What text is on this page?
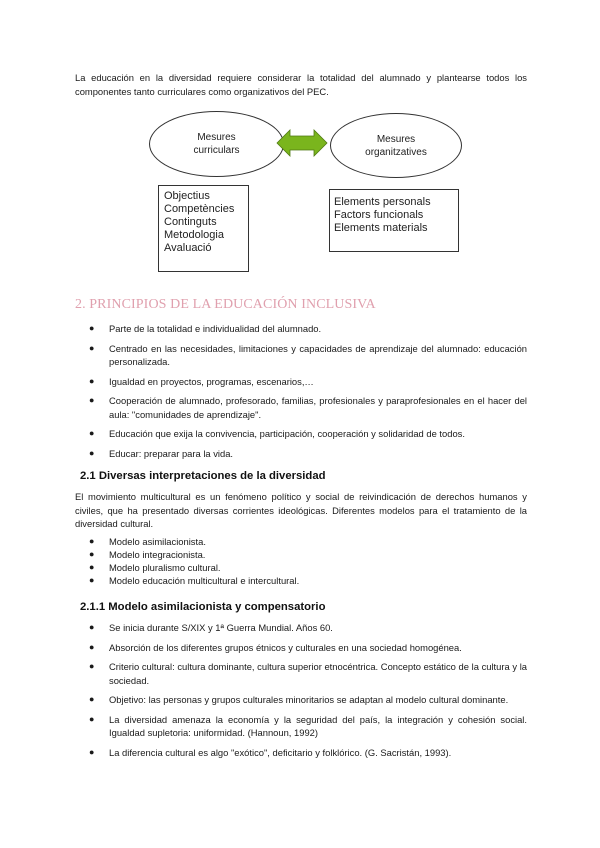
La educación en la diversidad requiere considerar la totalidad del alumnado y plantearse todos los componentes tanto curriculares como organizativos del PEC.
Mesures
curriculars
Mesures
organitzatives
Objectius
Competències
Continguts
Metodologia
Avaluació
Elements personals
Factors funcionals
Elements materials
2. PRINCIPIOS DE LA EDUCACIÓN INCLUSIVA
● Parte de la totalidad e individualidad del alumnado.
● Centrado en las necesidades, limitaciones y capacidades de aprendizaje del alumnado: educación personalizada.
● Igualdad en proyectos, programas, escenarios,…
● Cooperación de alumnado, profesorado, familias, profesionales y paraprofesionales en el hacer del aula: "comunidades de aprendizaje".
● Educación que exija la convivencia, participación, cooperación y solidaridad de todos.
● Educar: preparar para la vida.
2.1 Diversas interpretaciones de la diversidad
El movimiento multicultural es un fenómeno político y social de reivindicación de derechos humanos y civiles, que ha presentado diversas corrientes ideológicas. Diferentes modelos para el tratamiento de la diversidad cultural.
● Modelo asimilacionista.
● Modelo integracionista.
● Modelo pluralismo cultural.
● Modelo educación multicultural e intercultural.
2.1.1 Modelo asimilacionista y compensatorio
● Se inicia durante S/XIX y 1ª Guerra Mundial. Años 60.
● Absorción de los diferentes grupos étnicos y culturales en una sociedad homogénea.
● Criterio cultural: cultura dominante, cultura superior etnocéntrica. Concepto estático de la cultura y la sociedad.
● Objetivo: las personas y grupos culturales minoritarios se adaptan al modelo cultural dominante.
● La diversidad amenaza la economía y la seguridad del país, la integración y cohesión social. Igualdad supletoria: uniformidad. (Hannoun, 1992)
● La diferencia cultural es algo "exótico", deficitario y folklórico. (G. Sacristán, 1993).
